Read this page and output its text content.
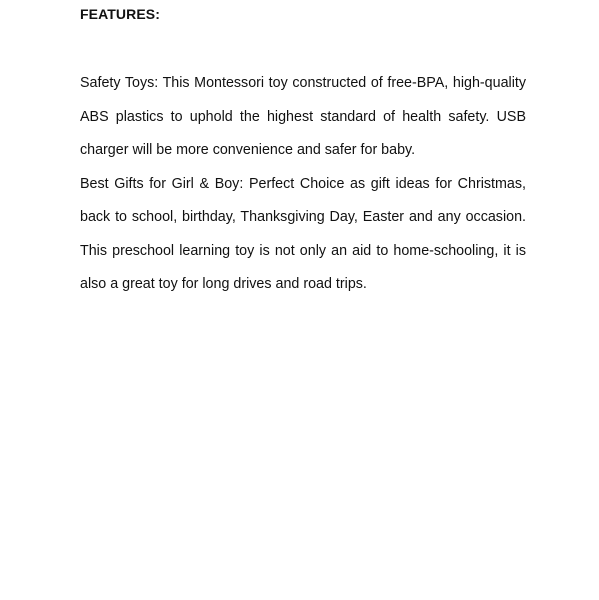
FEATURES:

Safety Toys: This Montessori toy constructed of free-BPA, high-quality ABS plastics to uphold the highest standard of health safety. USB charger will be more convenience and safer for baby.

Best Gifts for Girl & Boy: Perfect Choice as gift ideas for Christmas, back to school, birthday, Thanksgiving Day, Easter and any occasion. This preschool learning toy is not only an aid to home-schooling, it is also a great toy for long drives and road trips.
